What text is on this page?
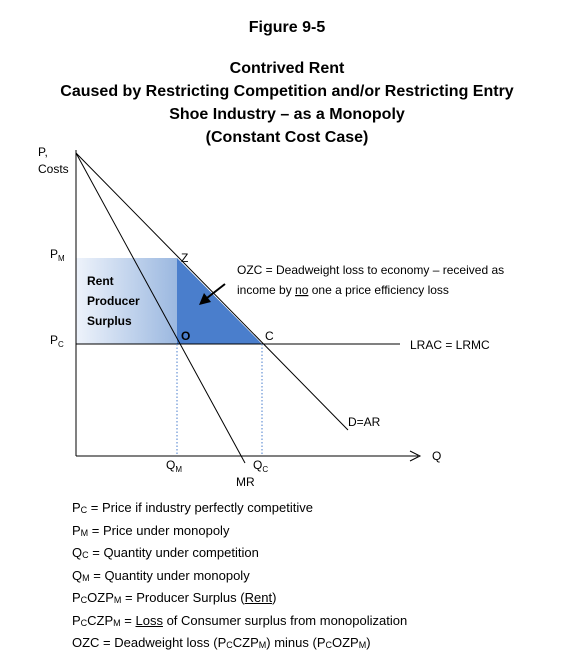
Figure 9-5
Contrived Rent
Caused by Restricting Competition and/or Restricting Entry
Shoe Industry – as a Monopoly
(Constant Cost Case)
P,
Costs
Q
$P_M$
$P_C$
$Q_M$	$Q_C$
Z
O	C
LRAC = LRMC
D=AR
MR
Rent
Producer
Surplus
OZC = Deadweight loss to economy – received as
income by no one a price efficiency loss
$P_C$ = Price if industry perfectly competitive
$P_M$ = Price under monopoly
$Q_C$ = Quantity under competition
$Q_M$ = Quantity under monopoly
$P_COZP_M$ = Producer Surplus (Rent)
$P_CCZP_M$ = Loss of Consumer surplus from monopolization
OZC = Deadweight loss $(P_CCZP_M)$ minus $(P_COZP_M)$
